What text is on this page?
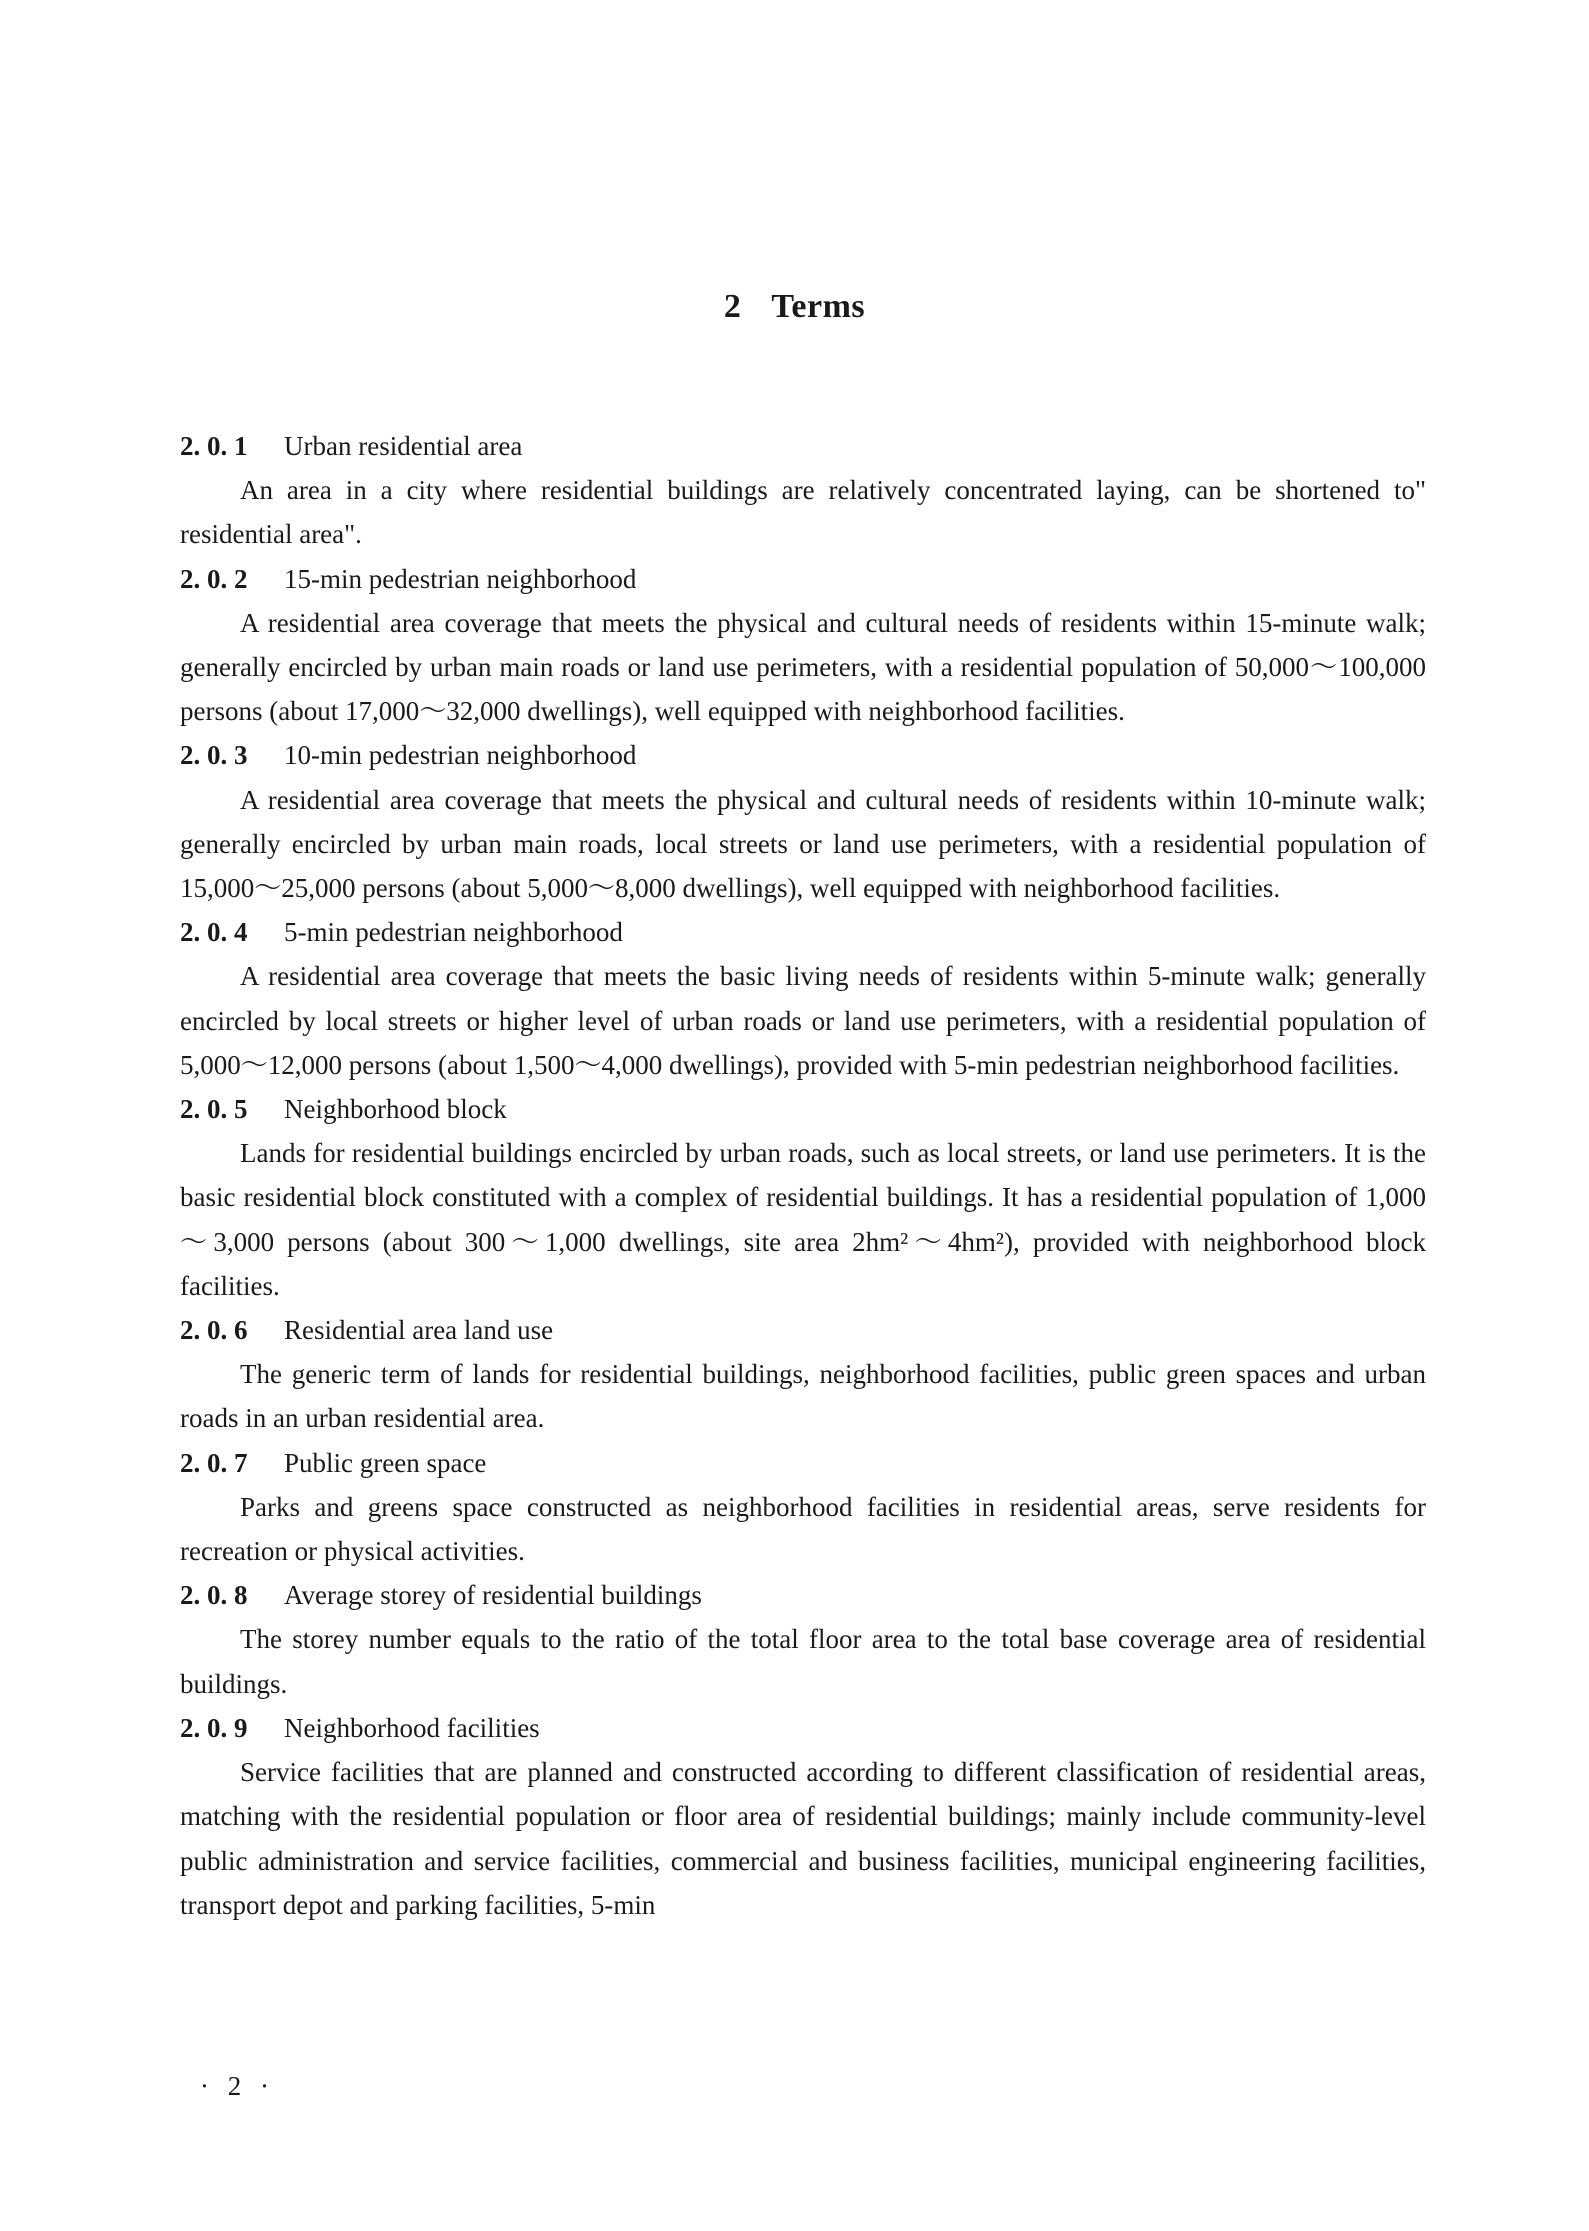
2 Terms

2. 0. 1 Urban residential area

An area in a city where residential buildings are relatively concentrated laying, can be shortened to" residential area".

2. 0. 2 15-min pedestrian neighborhood

A residential area coverage that meets the physical and cultural needs of residents within 15-minute walk; generally encircled by urban main roads or land use perimeters, with a residential population of 50,000～100,000 persons (about 17,000～32,000 dwellings), well equipped with neighborhood facilities.

2. 0. 3 10-min pedestrian neighborhood

A residential area coverage that meets the physical and cultural needs of residents within 10-minute walk; generally encircled by urban main roads, local streets or land use perimeters, with a residential population of 15,000～25,000 persons (about 5,000～8,000 dwellings), well equipped with neighborhood facilities.

2. 0. 4 5-min pedestrian neighborhood

A residential area coverage that meets the basic living needs of residents within 5-minute walk; generally encircled by local streets or higher level of urban roads or land use perimeters, with a residential population of 5,000～12,000 persons (about 1,500～4,000 dwellings), provided with 5-min pedestrian neighborhood facilities.

2. 0. 5 Neighborhood block

Lands for residential buildings encircled by urban roads, such as local streets, or land use perimeters. It is the basic residential block constituted with a complex of residential buildings. It has a residential population of 1,000～3,000 persons (about 300～1,000 dwellings, site area 2hm²～4hm²), provided with neighborhood block facilities.

2. 0. 6 Residential area land use

The generic term of lands for residential buildings, neighborhood facilities, public green spaces and urban roads in an urban residential area.

2. 0. 7 Public green space

Parks and greens space constructed as neighborhood facilities in residential areas, serve residents for recreation or physical activities.

2. 0. 8 Average storey of residential buildings

The storey number equals to the ratio of the total floor area to the total base coverage area of residential buildings.

2. 0. 9 Neighborhood facilities

Service facilities that are planned and constructed according to different classification of residential areas, matching with the residential population or floor area of residential buildings; mainly include community-level public administration and service facilities, commercial and business facilities, municipal engineering facilities, transport depot and parking facilities, 5-min

· 2 ·
